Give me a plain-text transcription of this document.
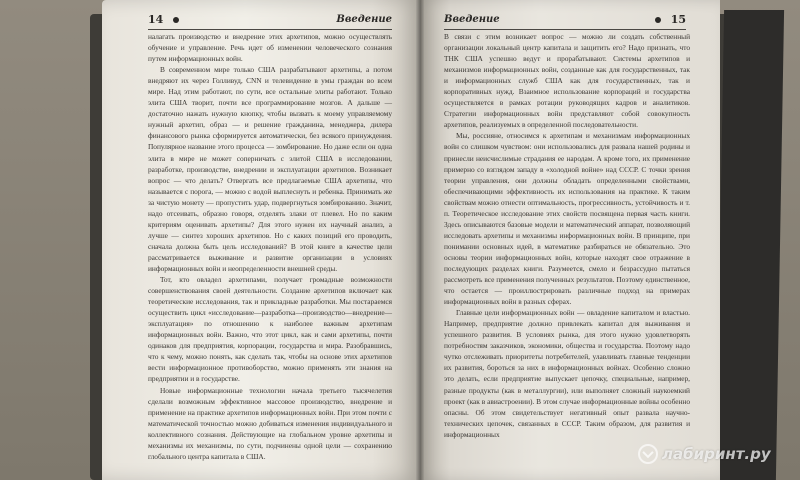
14	Введение

налагать производство и внедрение этих архетипов, можно осуществлять обучение и управление. Речь идет об изменении человеческого сознания путем информационных войн.

В современном мире только США разрабатывают архетипы, а потом внедряют их через Голливуд, CNN и телевидение в умы граждан во всем мире. Над этим работают, по сути, все остальные элиты работают. Только элита США творит, почти все программирование мозгов. А дальше — достаточно нажать нужную кнопку, чтобы вызвать к моему управляемому нужный архетип, образ — и решение гражданина, менеджера, дилера финансового рынка сформируется автоматически, без всякого принуждения. Популярное название этого процесса — зомбирование. Но даже если он одна элита в мире не может соперничать с элитой США в исследовании, разработке, производстве, внедрении и эксплуатации архетипов. Возникает вопрос — что делать? Отвергать все предлагаемые США архетипы, что называется с порога, — можно с водой выплеснуть и ребенка. Принимать же за чистую монету — пропустить удар, подвергнуться зомбированию. Значит, надо отсеивать, образно говоря, отделять злаки от плевел. Но по каким критериям оценивать архетипы? Для этого нужен их научный анализ, а лучше — синтез хороших архетипов. Но с каких позиций его проводить, сначала должна быть цель исследований? В этой книге в качестве цели рассматривается выживание и развитие организации в условиях информационных войн и неопределенности внешней среды.

Тот, кто овладел архетипами, получает громадные возможности совершенствования своей деятельности. Создание архетипов включает как теоретические исследования, так и прикладные разработки. Мы постараемся осуществить цикл «исследование—разработка—производство—внедрение—эксплуатация» по отношению к наиболее важным архетипам информационных войн. Важно, что этот цикл, как и сами архетипы, почти одинаков для предприятия, корпорации, государства и мира. Разобравшись, что к чему, можно понять, как сделать так, чтобы на основе этих архетипов вести информационное противоборство, можно применять эти знания на предприятии и в государстве.

Новые информационные технологии начала третьего тысячелетия сделали возможным эффективное массовое производство, внедрение и применение на практике архетипов информационных войн. При этом почти с математической точностью можно добиваться изменения индивидуального и коллективного сознания. Действующие на глобальном уровне архетипы и механизмы их механизмы, по сути, подчинены одной цели — сохранению глобального центра капитала в США.

Введение	15

В связи с этим возникает вопрос — можно ли создать собственный организации локальный центр капитала и защитить его? Надо признать, что ТНК США успешно ведут и прорабатывают. Системы архетипов и механизмов информационных войн, созданные как для государственных, так и информационных служб США как для государственных, так и корпоративных нужд. Взаимное использование корпораций и государства осуществляется в рамках ротации руководящих кадров и аналитиков. Стратегии информационных войн представляют собой совокупность архетипов, реализуемых в определенной последовательности.

Мы, россияне, относимся к архетипам и механизмам информационных войн со слишком чувством: они использовались для развала нашей родины и принесли неисчислимые страдания ее народам. А кроме того, их применение примерно со взглядом западу в «холодной войне» над СССР. С точки зрения теории управления, они должны обладать определенными свойствами, обеспечивающими эффективность их использования на практике. К таким свойствам можно отнести оптимальность, прогрессивность, устойчивость и т. п. Теоретическое исследование этих свойств посвящена первая часть книги. Здесь описываются базовые модели и математический аппарат, позволяющий исследовать архетипы и механизмы информационных войн. В принципе, при понимании основных идей, в математике разбираться не обязательно. Это основы теории информационных войн, которые находят свое отражение в последующих разделах книги. Разумеется, смело и безрассудно пытаться рассмотреть все применения полученных результатов. Поэтому единственное, что остается — проиллюстрировать различные подход на примерах информационных войн в разных сферах.

Главные цели информационных войн — овладение капиталом и властью. Например, предприятие должно привлекать капитал для выживания и успешного развития. В условиях рынка, для этого нужно удовлетворять потребностям заказчиков, экономики, общества и государства. Поэтому надо чутко отслеживать приоритеты потребителей, улавливать главные тенденции их развития, бороться за них в информационных войнах. Особенно сложно это делать, если предприятие выпускает цепочку, специальные, например, разные продукты (как в металлургии), или выполняет сложный наукоемкий проект (как в авиастроении). В этом случае информационные войны особенно опасны. Об этом свидетельствует негативный опыт развала научно-технических цепочек, связанных в СССР. Таким образом, для развития и информационных

лабиринт.ру
